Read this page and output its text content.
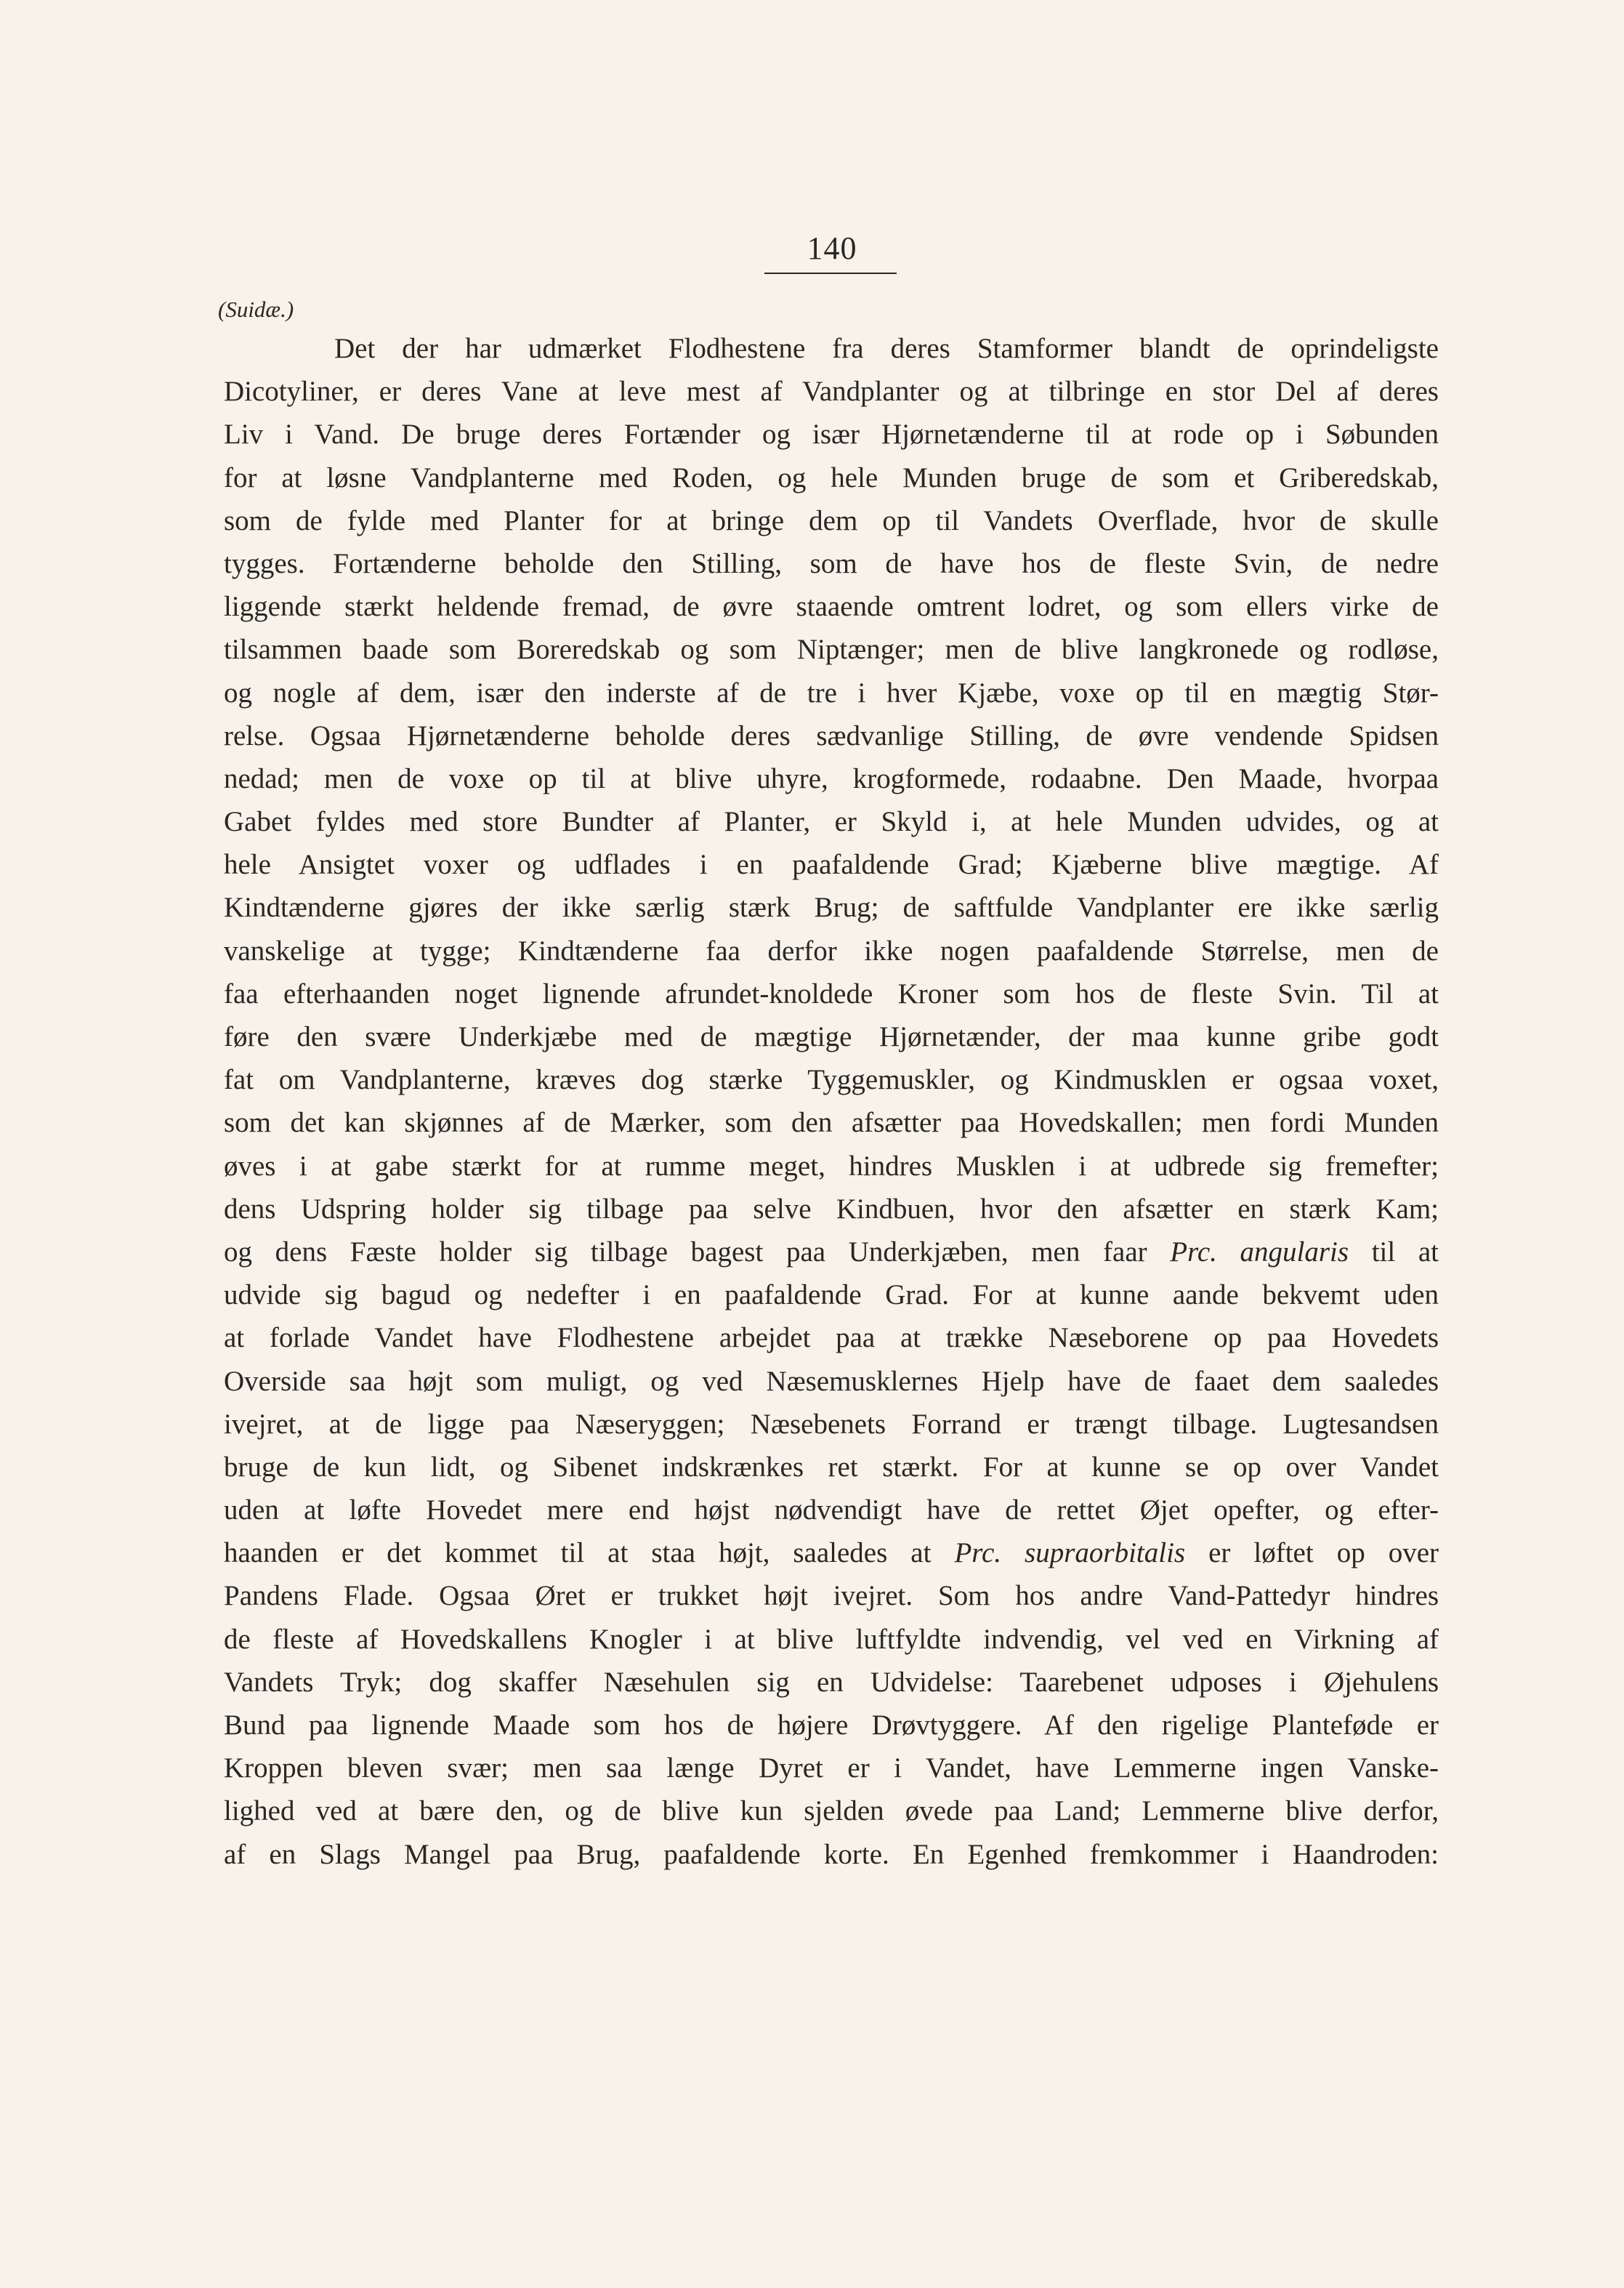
140
(Suidæ.)
Det der har udmærket Flodhestene fra deres Stamformer blandt de oprindeligste
Dicotyliner, er deres Vane at leve mest af Vandplanter og at tilbringe en stor Del af deres
Liv i Vand. De bruge deres Fortænder og især Hjørnetænderne til at rode op i Søbunden
for at løsne Vandplanterne med Roden, og hele Munden bruge de som et Griberedskab,
som de fylde med Planter for at bringe dem op til Vandets Overflade, hvor de skulle
tygges. Fortænderne beholde den Stilling, som de have hos de fleste Svin, de nedre
liggende stærkt heldende fremad, de øvre staaende omtrent lodret, og som ellers virke de
tilsammen baade som Boreredskab og som Niptænger; men de blive langkronede og rodløse,
og nogle af dem, især den inderste af de tre i hver Kjæbe, voxe op til en mægtig Stør-
relse. Ogsaa Hjørnetænderne beholde deres sædvanlige Stilling, de øvre vendende Spidsen
nedad; men de voxe op til at blive uhyre, krogformede, rodaabne. Den Maade, hvorpaa
Gabet fyldes med store Bundter af Planter, er Skyld i, at hele Munden udvides, og at
hele Ansigtet voxer og udflades i en paafaldende Grad; Kjæberne blive mægtige. Af
Kindtænderne gjøres der ikke særlig stærk Brug; de saftfulde Vandplanter ere ikke særlig
vanskelige at tygge; Kindtænderne faa derfor ikke nogen paafaldende Størrelse, men de
faa efterhaanden noget lignende afrundet-knoldede Kroner som hos de fleste Svin. Til at
føre den svære Underkjæbe med de mægtige Hjørnetænder, der maa kunne gribe godt
fat om Vandplanterne, kræves dog stærke Tyggemuskler, og Kindmusklen er ogsaa voxet,
som det kan skjønnes af de Mærker, som den afsætter paa Hovedskallen; men fordi Munden
øves i at gabe stærkt for at rumme meget, hindres Musklen i at udbrede sig fremefter;
dens Udspring holder sig tilbage paa selve Kindbuen, hvor den afsætter en stærk Kam;
og dens Fæste holder sig tilbage bagest paa Underkjæben, men faar Prc. angularis til at
udvide sig bagud og nedefter i en paafaldende Grad. For at kunne aande bekvemt uden
at forlade Vandet have Flodhestene arbejdet paa at trække Næseborene op paa Hovedets
Overside saa højt som muligt, og ved Næsemusklernes Hjelp have de faaet dem saaledes
ivejret, at de ligge paa Næseryggen; Næsebenets Forrand er trængt tilbage. Lugtesandsen
bruge de kun lidt, og Sibenet indskrænkes ret stærkt. For at kunne se op over Vandet
uden at løfte Hovedet mere end højst nødvendigt have de rettet Øjet opefter, og efter-
haanden er det kommet til at staa højt, saaledes at Prc. supraorbitalis er løftet op over
Pandens Flade. Ogsaa Øret er trukket højt ivejret. Som hos andre Vand-Pattedyr hindres
de fleste af Hovedskallens Knogler i at blive luftfyldte indvendig, vel ved en Virkning af
Vandets Tryk; dog skaffer Næsehulen sig en Udvidelse: Taarebenet udposes i Øjehulens
Bund paa lignende Maade som hos de højere Drøvtyggere. Af den rigelige Planteføde er
Kroppen bleven svær; men saa længe Dyret er i Vandet, have Lemmerne ingen Vanske-
lighed ved at bære den, og de blive kun sjelden øvede paa Land; Lemmerne blive derfor,
af en Slags Mangel paa Brug, paafaldende korte. En Egenhed fremkommer i Haandroden:
